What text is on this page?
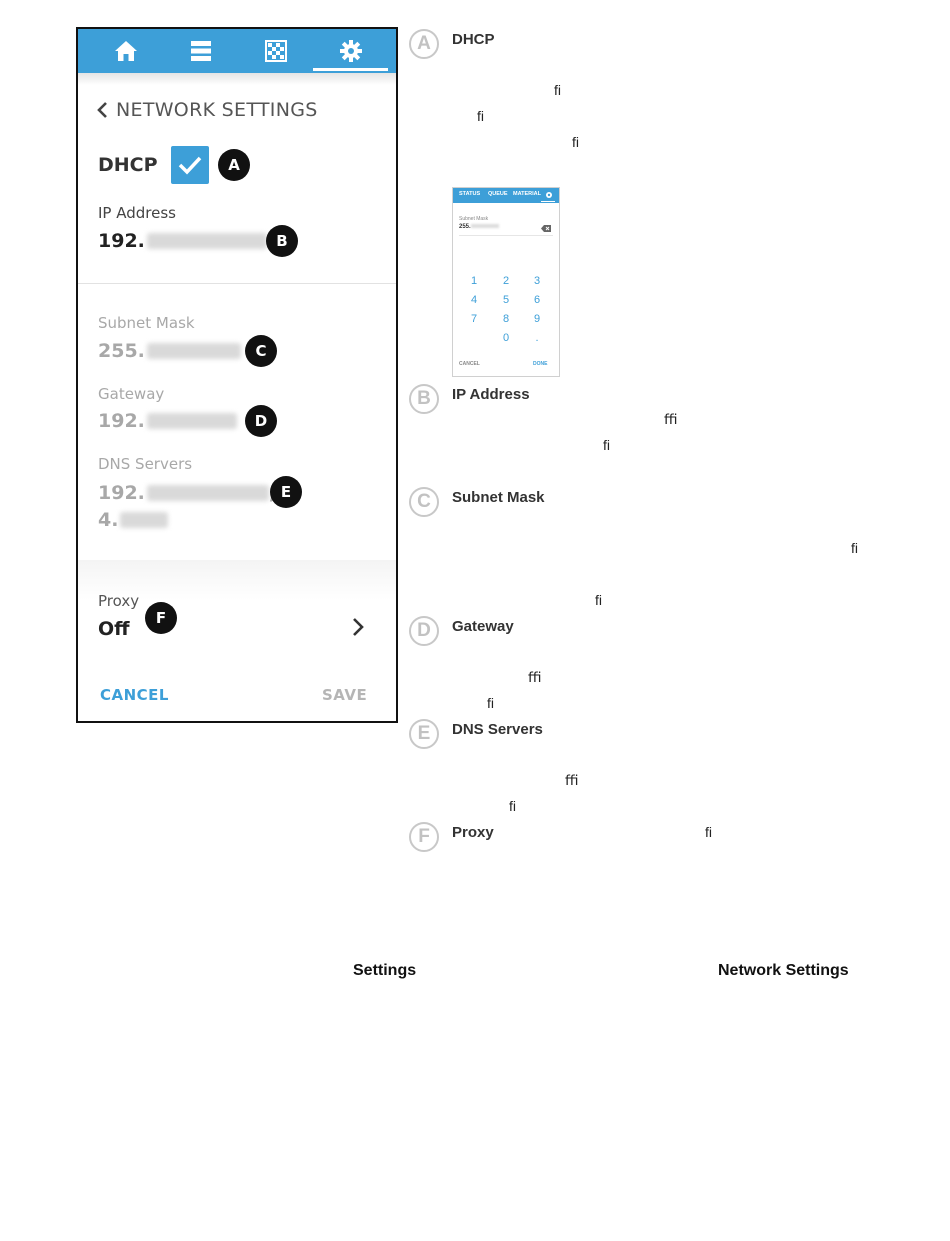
NETWORK SETTINGS
DHCP	A
IP Address
192.	B
Subnet Mask
255.	C
Gateway
192.	D
DNS Servers
192.
4.
E
Proxy
Off	F
CANCEL	SAVE
A	DHCP
ﬁ
ﬁ
ﬁ
STATUS QUEUE MATERIAL
Subnet Mask
255.
1	2	3
4	5	6
7	8	9
0	.
CANCEL	DONE
B	IP Address
ﬃ
ﬁ
C	Subnet Mask
ﬁ
ﬁ
D	Gateway
ﬃ
ﬁ
E	DNS Servers
ﬃ
ﬁ
F	Proxy	ﬁ
Settings	Network Settings
